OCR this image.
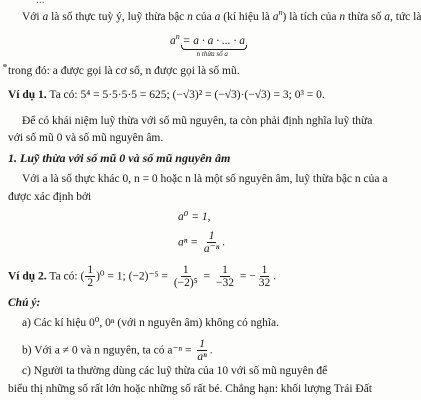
...
Với a là số thực tuỳ ý, luỹ thừa bậc n của a (kí hiệu là $a^n$) là tích của n thừa số a, tức là
$a^n = a \cdot a$ · ... · a
n thừa số a
trong đó: a được gọi là cơ số, n được gọi là số mũ.
Ví dụ 1. Ta có: 5⁴ = 5·5·5·5 = 625; (−√3)² = (−√3)·(−√3) = 3; 0³ = 0.
Để có khái niệm luỹ thừa với số mũ nguyên, ta còn phải định nghĩa luỹ thừa
với số mũ 0 và số mũ nguyên âm.
1. Luỹ thừa với số mũ 0 và số mũ nguyên âm
Với a là số thực khác 0, n = 0 hoặc n là một số nguyên âm, luỹ thừa bậc n của a
được xác định bởi
a⁰ = 1,
$a^n = \frac{1}{\text{a⁻ⁿ}}$ .
Ví dụ 2. Ta có: ( $\frac{1}{2} )^0 = 1$; $(-2)^{-5} = \frac{1}{\text{(−2)⁵}} = \frac{1}{-32}$ = − $\frac{1}{32}$ .
Chú ý:
a) Các kí hiệu 0⁰, 0ⁿ (với n nguyên âm) không có nghĩa.
b) Với a ≠ 0 và n nguyên, ta có $a^{-n} = \frac{1}{\text{aⁿ}}$ .
c) Người ta thường dùng các luỹ thừa của 10 với số mũ nguyên để
biểu thị những số rất lớn hoặc những số rất bé. Chẳng hạn: khối lượng Trái Đất
